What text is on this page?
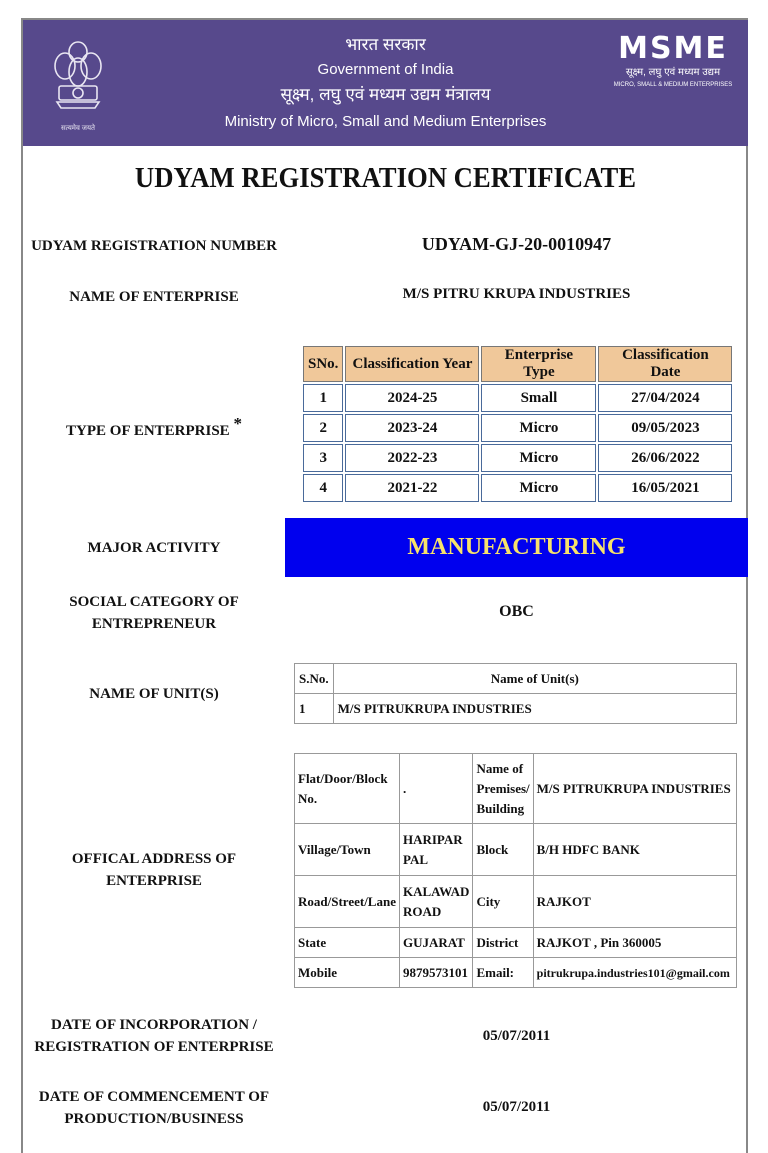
सत्यमेव जयते
भारत सरकार
Government of India
सूक्ष्म, लघु एवं मध्यम उद्यम मंत्रालय
Ministry of Micro, Small and Medium Enterprises
MSME
सूक्ष्म, लघु एवं मध्यम उद्यम
MICRO, SMALL & MEDIUM ENTERPRISES
UDYAM REGISTRATION CERTIFICATE
UDYAM REGISTRATION NUMBER	UDYAM-GJ-20-0010947
NAME OF ENTERPRISE	M/S PITRU KRUPA INDUSTRIES
TYPE OF ENTERPRISE *
SNo.	Classification Year	Enterprise Type	Classification Date
1	2024-25	Small	27/04/2024
2	2023-24	Micro	09/05/2023
3	2022-23	Micro	26/06/2022
4	2021-22	Micro	16/05/2021
MAJOR ACTIVITY	MANUFACTURING
SOCIAL CATEGORY OF
ENTREPRENEUR
OBC
NAME OF UNIT(S)
S.No.	Name of Unit(s)
1	M/S PITRUKRUPA INDUSTRIES
OFFICAL ADDRESS OF
ENTERPRISE
Flat/Door/Block No.	.	Name of Premises/ Building	M/S PITRUKRUPA INDUSTRIES
Village/Town	HARIPAR PAL	Block	B/H HDFC BANK
Road/Street/Lane	KALAWAD ROAD	City	RAJKOT
State	GUJARAT	District	RAJKOT , Pin 360005
Mobile	9879573101	Email:	pitrukrupa.industries101@gmail.com
DATE OF INCORPORATION /
REGISTRATION OF ENTERPRISE
05/07/2011
DATE OF COMMENCEMENT OF
PRODUCTION/BUSINESS
05/07/2011
